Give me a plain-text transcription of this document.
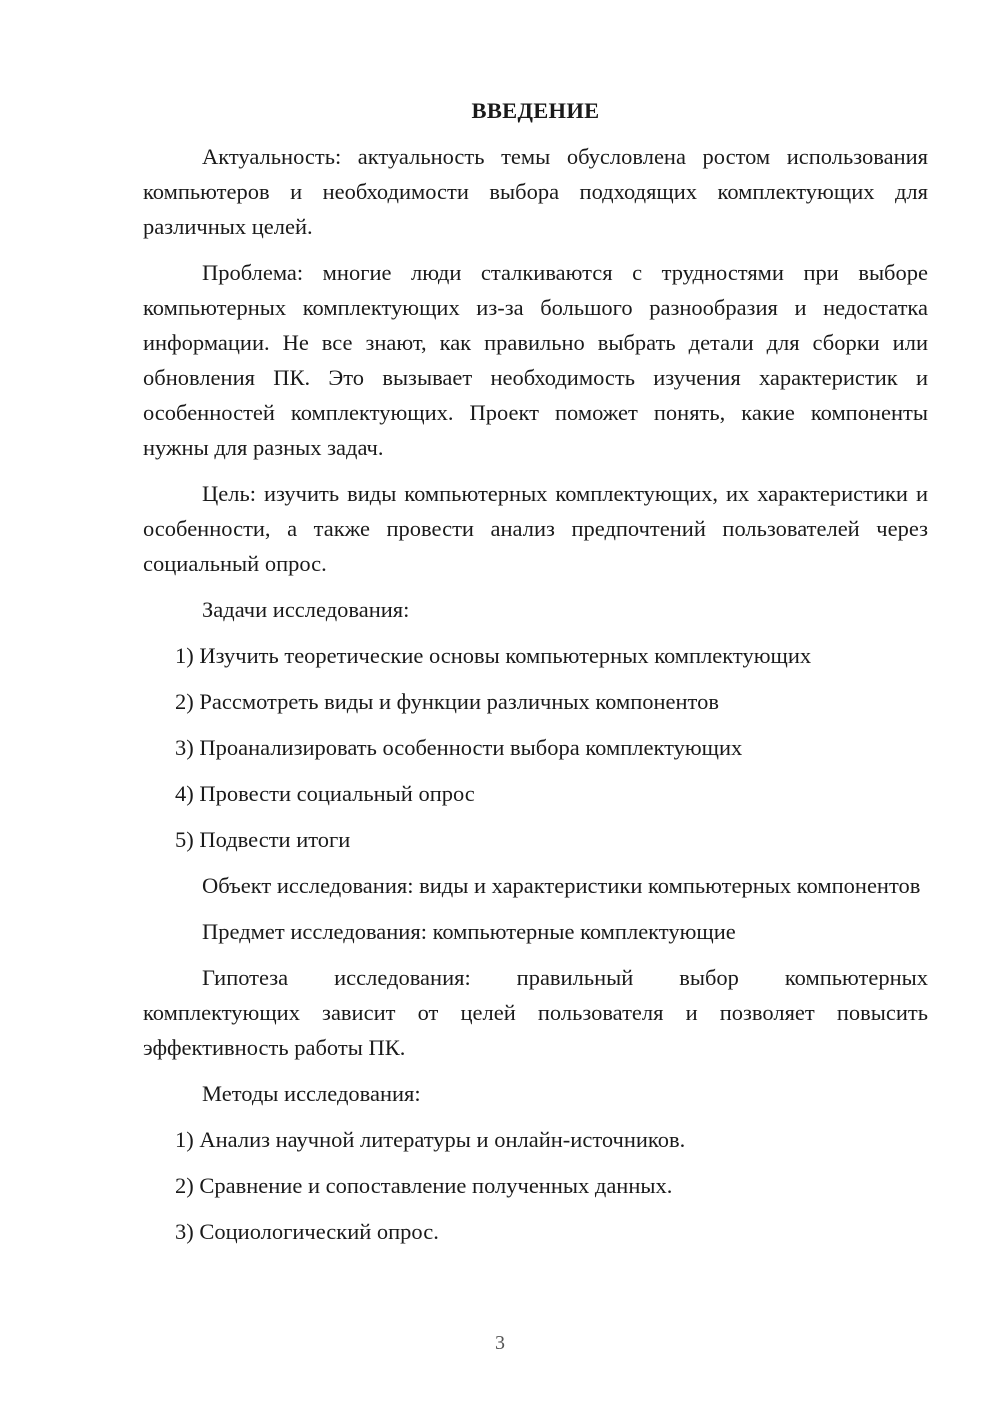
ВВЕДЕНИЕ

Актуальность: актуальность темы обусловлена ростом использования компьютеров и необходимости выбора подходящих комплектующих для различных целей.

Проблема: многие люди сталкиваются с трудностями при выборе компьютерных комплектующих из-за большого разнообразия и недостатка информации. Не все знают, как правильно выбрать детали для сборки или обновления ПК. Это вызывает необходимость изучения характеристик и особенностей комплектующих. Проект поможет понять, какие компоненты нужны для разных задач.

Цель: изучить виды компьютерных комплектующих, их характеристики и особенности, а также провести анализ предпочтений пользователей через социальный опрос.

Задачи исследования:

1) Изучить теоретические основы компьютерных комплектующих

2) Рассмотреть виды и функции различных компонентов

3) Проанализировать особенности выбора комплектующих

4) Провести социальный опрос

5) Подвести итоги

Объект исследования: виды и характеристики компьютерных компонентов

Предмет исследования: компьютерные комплектующие

Гипотеза исследования: правильный выбор компьютерных комплектующих зависит от целей пользователя и позволяет повысить эффективность работы ПК.

Методы исследования:

1) Анализ научной литературы и онлайн-источников.

2) Сравнение и сопоставление полученных данных.

3) Социологический опрос.

3
